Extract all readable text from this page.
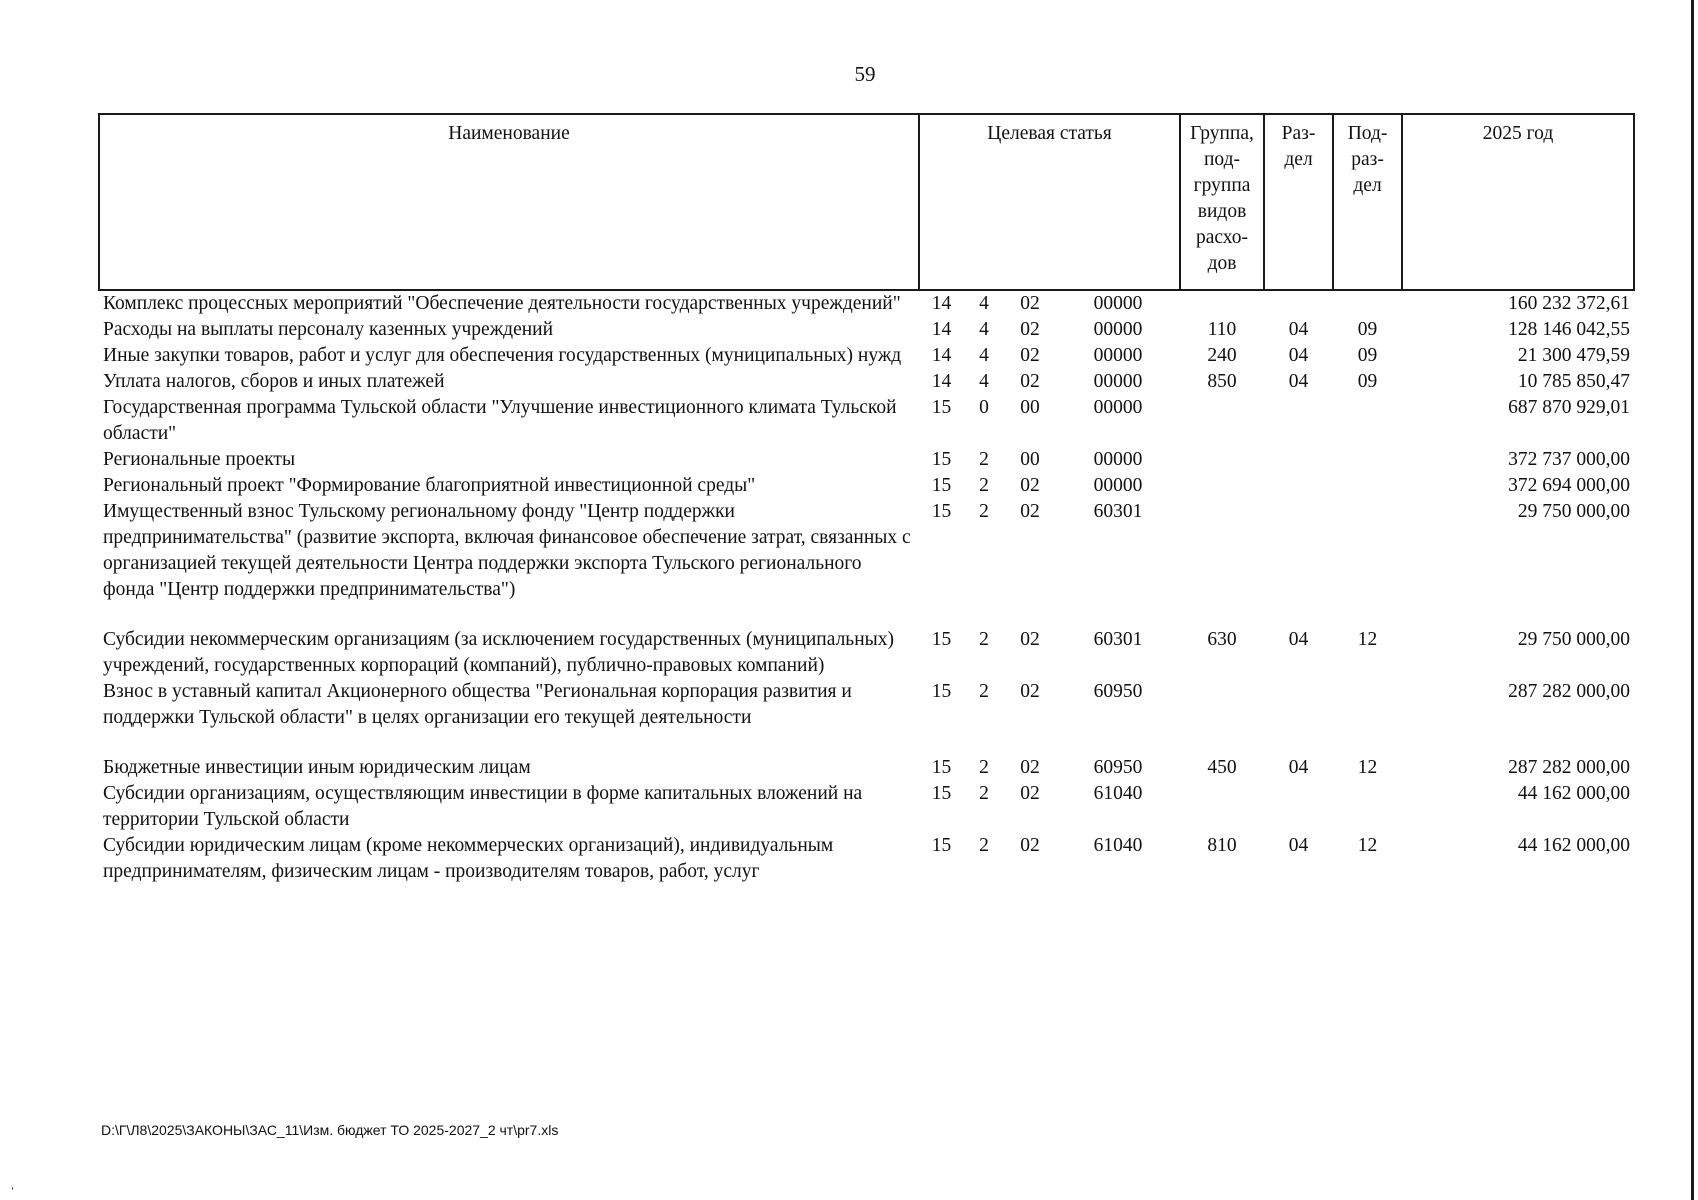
59
‘
Наименование	Целевая статья				Группа, под-группа видов расхо-дов	Раз-дел	Под-раз-дел	2025 год
Комплекс процессных мероприятий "Обеспечение деятельности государственных учреждений"	14	4	02	00000				160 232 372,61
Расходы на выплаты персоналу казенных учреждений	14	4	02	00000	110	04	09	128 146 042,55
Иные закупки товаров, работ и услуг для обеспечения государственных (муниципальных) нужд	14	4	02	00000	240	04	09	21 300 479,59
Уплата налогов, сборов и иных платежей	14	4	02	00000	850	04	09	10 785 850,47
Государственная программа Тульской области "Улучшение инвестиционного климата Тульской области"	15	0	00	00000				687 870 929,01
Региональные проекты	15	2	00	00000				372 737 000,00
Региональный проект "Формирование благоприятной инвестиционной среды"	15	2	02	00000				372 694 000,00
Имущественный взнос Тульскому региональному фонду "Центр поддержки предпринимательства" (развитие экспорта, включая финансовое обеспечение затрат, связанных с организацией текущей деятельности Центра поддержки экспорта Тульского регионального фонда "Центр поддержки предпринимательства")	15	2	02	60301				29 750 000,00
Субсидии некоммерческим организациям (за исключением государственных (муниципальных) учреждений, государственных корпораций (компаний), публично-правовых компаний)	15	2	02	60301	630	04	12	29 750 000,00
Взнос в уставный капитал Акционерного общества "Региональная корпорация развития и поддержки Тульской области" в целях организации его текущей деятельности	15	2	02	60950				287 282 000,00
Бюджетные инвестиции иным юридическим лицам	15	2	02	60950	450	04	12	287 282 000,00
Субсидии организациям, осуществляющим инвестиции в форме капитальных вложений на территории Тульской области	15	2	02	61040				44 162 000,00
Субсидии юридическим лицам (кроме некоммерческих организаций), индивидуальным предпринимателям, физическим лицам - производителям товаров, работ, услуг	15	2	02	61040	810	04	12	44 162 000,00
D:\Г\Л8\2025\ЗАКОНЫ\ЗАС_11\Изм. бюджет ТО 2025-2027_2 чт\pr7.xls
